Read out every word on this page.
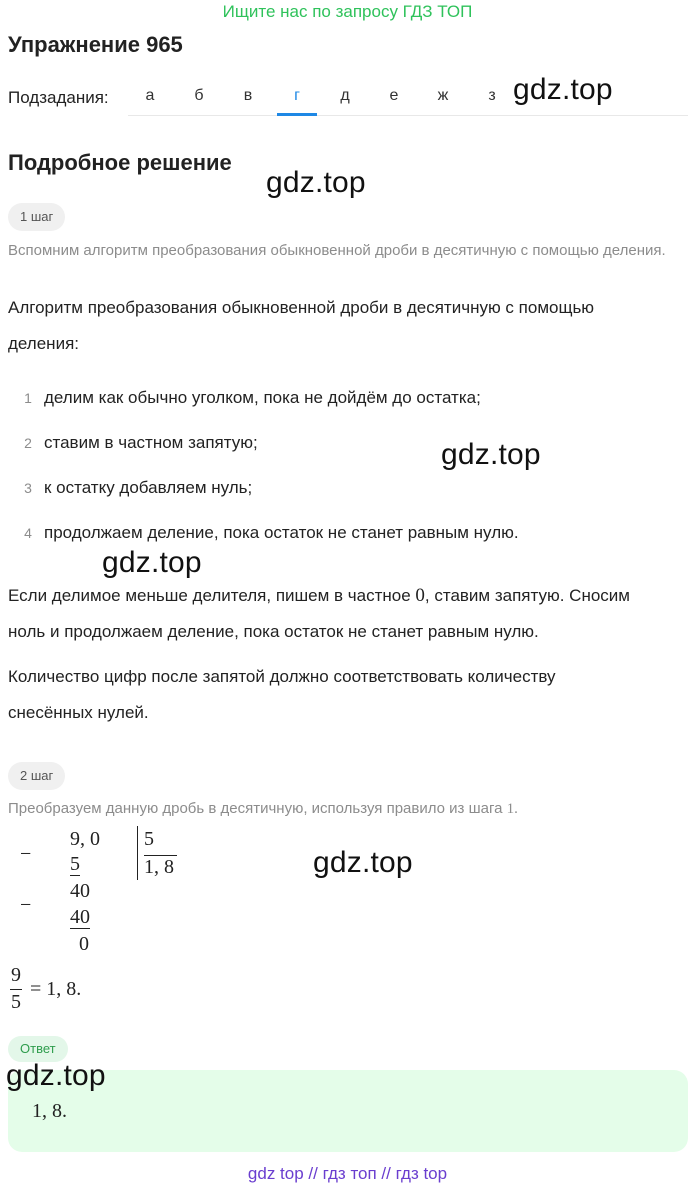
Ищите нас по запросу ГДЗ ТОП
Упражнение 965
Подзадания:	а	б	в	г	д	е	ж	з gdz.top
Подробное решение
gdz.top
1 шаг
Вспомним алгоритм преобразования обыкновенной дроби в десятичную с помощью деления.
Алгоритм преобразования обыкновенной дроби в десятичную с помощью
деления:
1 делим как обычно уголком, пока не дойдём до остатка;
2 ставим в частном запятую;
3 к остатку добавляем нуль;
4 продолжаем деление, пока остаток не станет равным нулю.
gdz.top
gdz.top
Если делимое меньше делителя, пишем в частное 0, ставим запятую. Сносим
ноль и продолжаем деление, пока остаток не станет равным нулю.
Количество цифр после запятой должно соответствовать количеству
снесённых нулей.
2 шаг
Преобразуем данную дробь в десятичную, используя правило из шага 1.
−
9, 0 5
5	1, 8
−
40
40
0
gdz.top
9
5
= 1, 8.
Ответ
1, 8.
gdz.top
gdz top // гдз топ // гдз top
